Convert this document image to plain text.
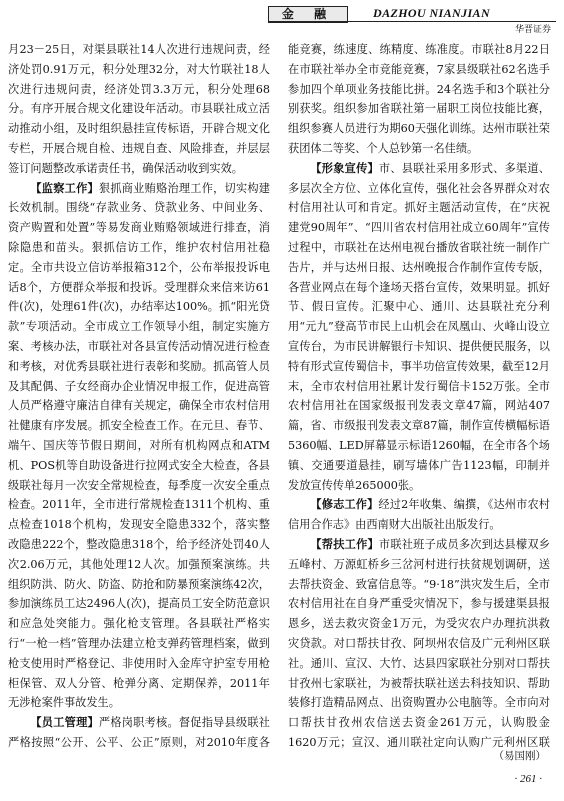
金 融	DAZHOU NIANJIAN
华晋证券

月23－25日，对渠县联社14人次进行违规问责，经济处罚0.91万元，积分处理32分，对大竹联社18人次进行违规问责，经济处罚3.3万元，积分处理68分。有序开展合规文化建设年活动。市县联社成立活动推动小组，及时组织悬挂宣传标语，开辟合规文化专栏，开展合规自检、违规自查、风险排查，并层层签订问题整改承诺责任书，确保活动收到实效。

【监察工作】狠抓商业贿赂治理工作，切实构建长效机制。围绕“存款业务、贷款业务、中间业务、资产购置和处置”等易发商业贿赂领域进行排查，消除隐患和苗头。狠抓信访工作，维护农村信用社稳定。全市共设立信访举报箱312个，公布举报投诉电话8个，方便群众举报和投诉。受理群众来信来访61件(次)，处理61件(次)，办结率达100%。抓“阳光贷款”专项活动。全市成立工作领导小组，制定实施方案、考核办法，市联社对各县宣传活动情况进行检查和考核，对优秀县联社进行表彰和奖励。抓高管人员及其配偶、子女经商办企业情况申报工作，促进高管人员严格遵守廉洁自律有关规定，确保全市农村信用社健康有序发展。抓安全检查工作。在元旦、春节、端午、国庆等节假日期间，对所有机构网点和ATM机、POS机等自助设备进行拉网式安全大检查，各县级联社每月一次安全常规检查，每季度一次安全重点检查。2011年，全市进行常规检查1311个机构、重点检查1018个机构，发现安全隐患332个，落实整改隐患222个，整改隐患318个，给予经济处罚40人次2.06万元，其他处理12人次。加强预案演练。共组织防洪、防火、防盗、防抢和防暴预案演练42次，参加演练员工达2496人(次)，提高员工安全防范意识和应急处突能力。强化枪支管理。各县联社严格实行“一枪一档”管理办法建立枪支弹药管理档案，做到枪支使用时严格登记、非使用时入金库守护室专用枪柜保管、双人分管、枪弹分离、定期保养，2011年无涉枪案件事故发生。

【员工管理】严格岗职考核。督促指导县级联社严格按照“公开、公平、公正”原则，对2010年度各

能竞赛，练速度、练精度、练准度。市联社8月22日在市联社举办全市竞能竞赛，7家县级联社62名选手参加四个单项业务技能比拼。24名选手和3个联社分别获奖。组织参加省联社第一届职工岗位技能比赛，组织参赛人员进行为期60天强化训练。达州市联社荣获团体二等奖、个人总钞第一名佳绩。

【形象宣传】市、县联社采用多形式、多渠道、多层次全方位、立体化宣传，强化社会各界群众对农村信用社认可和肯定。抓好主题活动宣传，在“庆祝建党90周年”、“四川省农村信用社成立60周年”宣传过程中，市联社在达州电视台播放省联社统一制作广告片，并与达州日报、达州晚报合作制作宣传专版，各营业网点在每个逢场天搭台宣传，效果明显。抓好节、假日宣传。汇聚中心、通川、达县联社充分利用“元九”登高节市民上山机会在凤凰山、火峰山设立宣传台，为市民讲解银行卡知识、提供便民服务，以特有形式宣传蜀信卡，事半功倍宣传效果，截至12月末，全市农村信用社累计发行蜀信卡152万张。全市农村信用社在国家级报刊发表文章47篇，网站407篇，省、市级报刊发表文章87篇，制作宣传横幅标语5360幅、LED屏幕显示标语1260幅，在全市各个场镇、交通要道悬挂，刷写墙体广告1123幅，印制并发放宣传传单265000张。

【修志工作】经过2年收集、编撰，《达州市农村信用合作志》由西南财大出版社出版发行。

【帮扶工作】市联社班子成员多次到达县檬双乡五峰村、万源虹桥乡三岔河村进行扶贫规划调研，送去帮扶资金、致富信息等。“9·18”洪灾发生后，全市农村信用社在自身严重受灾情况下，参与援建渠县报恩乡，送去救灾资金1万元，为受灾农户办理抗洪救灾贷款。对口帮扶甘孜、阿坝州农信及广元利州区联社。通川、宣汉、大竹、达县四家联社分别对口帮扶甘孜州七家联社，为被帮扶联社送去科技知识、帮助装修打造精品网点、出资购置办公电脑等。全市向对口帮扶甘孜州农信送去资金261万元，认购股金1620万元；宣汉、通川联社定向认购广元利州区联

（易国刚）
· 261 ·
